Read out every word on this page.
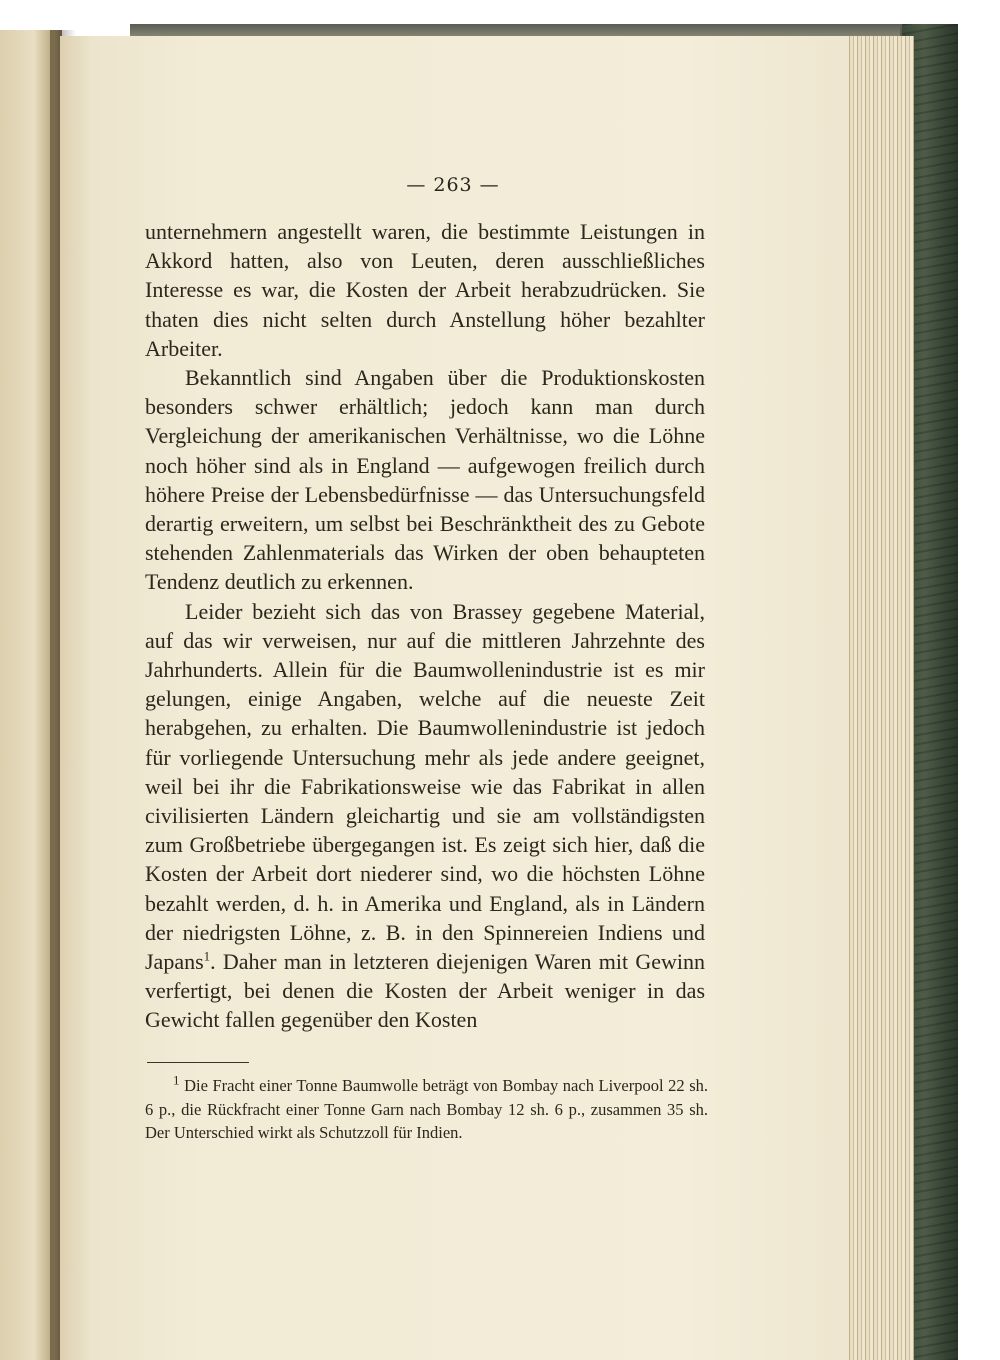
— 263 —

unternehmern angestellt waren, die bestimmte Leistungen in Akkord hatten, also von Leuten, deren ausschließliches Interesse es war, die Kosten der Arbeit herabzudrücken. Sie thaten dies nicht selten durch Anstellung höher bezahlter Arbeiter.

Bekanntlich sind Angaben über die Produktionskosten besonders schwer erhältlich; jedoch kann man durch Vergleichung der amerikanischen Verhältnisse, wo die Löhne noch höher sind als in England — aufgewogen freilich durch höhere Preise der Lebensbedürfnisse — das Untersuchungsfeld derartig erweitern, um selbst bei Beschränktheit des zu Gebote stehenden Zahlenmaterials das Wirken der oben behaupteten Tendenz deutlich zu erkennen.

Leider bezieht sich das von Brassey gegebene Material, auf das wir verweisen, nur auf die mittleren Jahrzehnte des Jahrhunderts. Allein für die Baumwollenindustrie ist es mir gelungen, einige Angaben, welche auf die neueste Zeit herabgehen, zu erhalten. Die Baumwollenindustrie ist jedoch für vorliegende Untersuchung mehr als jede andere geeignet, weil bei ihr die Fabrikationsweise wie das Fabrikat in allen civilisierten Ländern gleichartig und sie am vollständigsten zum Großbetriebe übergegangen ist. Es zeigt sich hier, daß die Kosten der Arbeit dort niederer sind, wo die höchsten Löhne bezahlt werden, d. h. in Amerika und England, als in Ländern der niedrigsten Löhne, z. B. in den Spinnereien Indiens und Japans$^1$. Daher man in letzteren diejenigen Waren mit Gewinn verfertigt, bei denen die Kosten der Arbeit weniger in das Gewicht fallen gegenüber den Kosten

$^1$ Die Fracht einer Tonne Baumwolle beträgt von Bombay nach Liverpool 22 sh. 6 p., die Rückfracht einer Tonne Garn nach Bombay 12 sh. 6 p., zusammen 35 sh. Der Unterschied wirkt als Schutzzoll für Indien.
